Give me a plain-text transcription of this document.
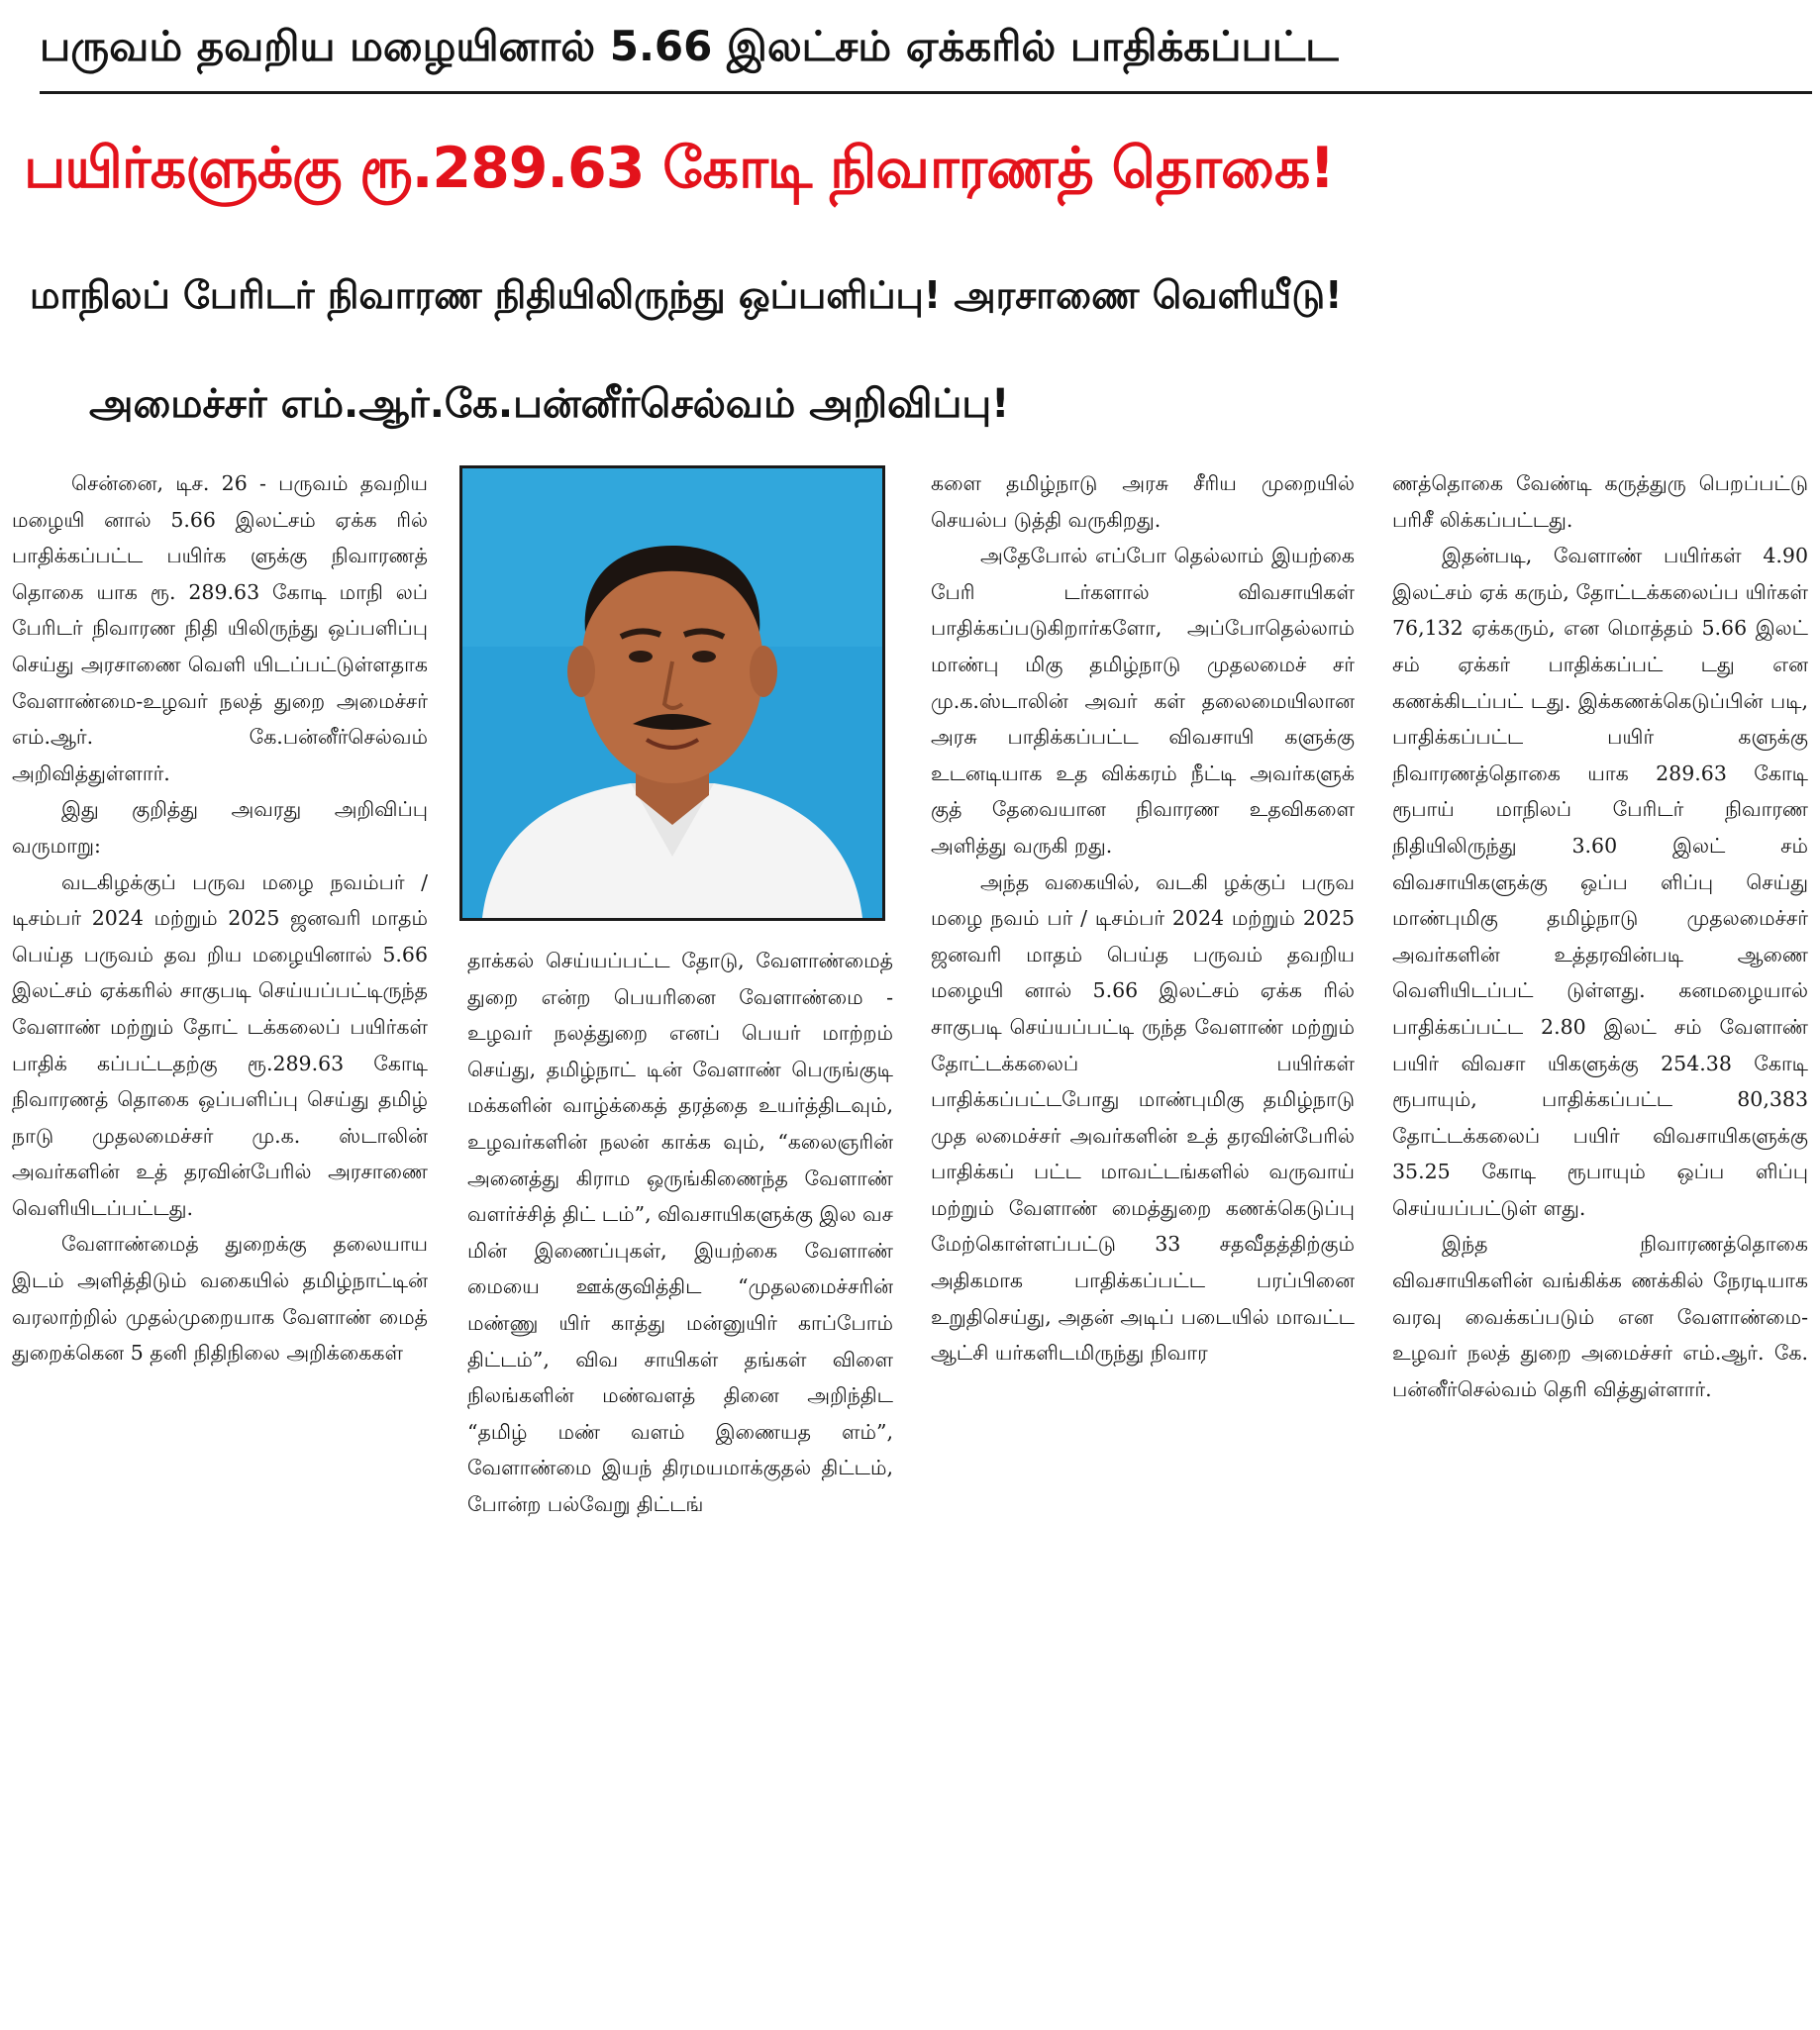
பருவம் தவறிய மழையினால் 5.66 இலட்சம் ஏக்கரில் பாதிக்கப்பட்ட
பயிர்களுக்கு ரூ.289.63 கோடி நிவாரணத் தொகை!
மாநிலப் பேரிடர் நிவாரண நிதியிலிருந்து ஒப்பளிப்பு! அரசாணை வெளியீடு!
அமைச்சர் எம்.ஆர்.கே.பன்னீர்செல்வம் அறிவிப்பு!

சென்னை, டிச. 26 - பருவம் தவறிய மழையி னால் 5.66 இலட்சம் ஏக்க ரில் பாதிக்கப்பட்ட பயிர்க ளுக்கு நிவாரணத் தொகை யாக ரூ. 289.63 கோடி மாநி லப் பேரிடர் நிவாரண நிதி யிலிருந்து ஒப்பளிப்பு செய்து அரசாணை வெளி யிடப்பட்டுள்ளதாக வேளாண்மை-உழவர் நலத் துறை அமைச்சர் எம்.ஆர். கே.பன்னீர்செல்வம் அறிவித்துள்ளார்.

இது குறித்து அவரது அறிவிப்பு வருமாறு:

வடகிழக்குப் பருவ மழை நவம்பர் / டிசம்பர் 2024 மற்றும் 2025 ஜனவரி மாதம் பெய்த பருவம் தவ றிய மழையினால் 5.66 இலட்சம் ஏக்கரில் சாகுபடி செய்யப்பட்டிருந்த வேளாண் மற்றும் தோட் டக்கலைப் பயிர்கள் பாதிக் கப்பட்டதற்கு ரூ.289.63 கோடி நிவாரணத் தொகை ஒப்பளிப்பு செய்து தமிழ் நாடு முதலமைச்சர் மு.க. ஸ்டாலின் அவர்களின் உத் தரவின்பேரில் அரசாணை வெளியிடப்பட்டது.

வேளாண்மைத் துறைக்கு தலையாய இடம் அளித்திடும் வகையில் தமிழ்நாட்டின் வரலாற்றில் முதல்முறையாக வேளாண் மைத் துறைக்கென 5 தனி நிதிநிலை அறிக்கைகள்

தாக்கல் செய்யப்பட்ட தோடு, வேளாண்மைத் துறை என்ற பெயரினை வேளாண்மை - உழவர் நலத்துறை எனப் பெயர் மாற்றம் செய்து, தமிழ்நாட் டின் வேளாண் பெருங்குடி மக்களின் வாழ்க்கைத் தரத்தை உயர்த்திடவும், உழவர்களின் நலன் காக்க வும், “கலைஞரின் அனைத்து கிராம ஒருங்கிணைந்த வேளாண் வளர்ச்சித் திட் டம்”, விவசாயிகளுக்கு இல வச மின் இணைப்புகள், இயற்கை வேளாண் மையை ஊக்குவித்திட “முதலமைச்சரின் மண்ணு யிர் காத்து மன்னுயிர் காப்போம் திட்டம்”, விவ சாயிகள் தங்கள் விளை நிலங்களின் மண்வளத் தினை அறிந்திட “தமிழ் மண் வளம் இணையத ளம்”, வேளாண்மை இயந் திரமயமாக்குதல் திட்டம், போன்ற பல்வேறு திட்டங்

களை தமிழ்நாடு அரசு சீரிய முறையில் செயல்ப டுத்தி வருகிறது.

அதேபோல் எப்போ தெல்லாம் இயற்கை பேரி டர்களால் விவசாயிகள் பாதிக்கப்படுகிறார்களோ, அப்போதெல்லாம் மாண்பு மிகு தமிழ்நாடு முதலமைச் சர் மு.க.ஸ்டாலின் அவர் கள் தலைமையிலான அரசு பாதிக்கப்பட்ட விவசாயி களுக்கு உடனடியாக உத விக்கரம் நீட்டி அவர்களுக் குத் தேவையான நிவாரண உதவிகளை அளித்து வருகி றது.

அந்த வகையில், வடகி ழக்குப் பருவ மழை நவம் பர் / டிசம்பர் 2024 மற்றும் 2025 ஜனவரி மாதம் பெய்த பருவம் தவறிய மழையி னால் 5.66 இலட்சம் ஏக்க ரில் சாகுபடி செய்யப்பட்டி ருந்த வேளாண் மற்றும் தோட்டக்கலைப் பயிர்கள் பாதிக்கப்பட்டபோது மாண்புமிகு தமிழ்நாடு முத லமைச்சர் அவர்களின் உத் தரவின்பேரில் பாதிக்கப் பட்ட மாவட்டங்களில் வருவாய் மற்றும் வேளாண் மைத்துறை கணக்கெடுப்பு மேற்கொள்ளப்பட்டு 33 சதவீதத்திற்கும் அதிகமாக பாதிக்கப்பட்ட பரப்பினை உறுதிசெய்து, அதன் அடிப் படையில் மாவட்ட ஆட்சி யர்களிடமிருந்து நிவார

ணத்தொகை வேண்டி கருத்துரு பெறப்பட்டு பரிசீ லிக்கப்பட்டது.

இதன்படி, வேளாண் பயிர்கள் 4.90 இலட்சம் ஏக் கரும், தோட்டக்கலைப்ப யிர்கள் 76,132 ஏக்கரும், என மொத்தம் 5.66 இலட் சம் ஏக்கர் பாதிக்கப்பட் டது என கணக்கிடப்பட் டது. இக்கணக்கெடுப்பின் படி, பாதிக்கப்பட்ட பயிர் களுக்கு நிவாரணத்தொகை யாக 289.63 கோடி ரூபாய் மாநிலப் பேரிடர் நிவாரண நிதியிலிருந்து 3.60 இலட் சம் விவசாயிகளுக்கு ஒப்ப ளிப்பு செய்து மாண்புமிகு தமிழ்நாடு முதலமைச்சர் அவர்களின் உத்தரவின்படி ஆணை வெளியிடப்பட் டுள்ளது. கனமழையால் பாதிக்கப்பட்ட 2.80 இலட் சம் வேளாண் பயிர் விவசா யிகளுக்கு 254.38 கோடி ரூபாயும், பாதிக்கப்பட்ட 80,383 தோட்டக்கலைப் பயிர் விவசாயிகளுக்கு 35.25 கோடி ரூபாயும் ஒப்ப ளிப்பு செய்யப்பட்டுள் ளது.

இந்த நிவாரணத்தொகை விவசாயிகளின் வங்கிக்க ணக்கில் நேரடியாக வரவு வைக்கப்படும் என வேளாண்மை-உழவர் நலத் துறை அமைச்சர் எம்.ஆர். கே. பன்னீர்செல்வம் தெரி வித்துள்ளார்.
